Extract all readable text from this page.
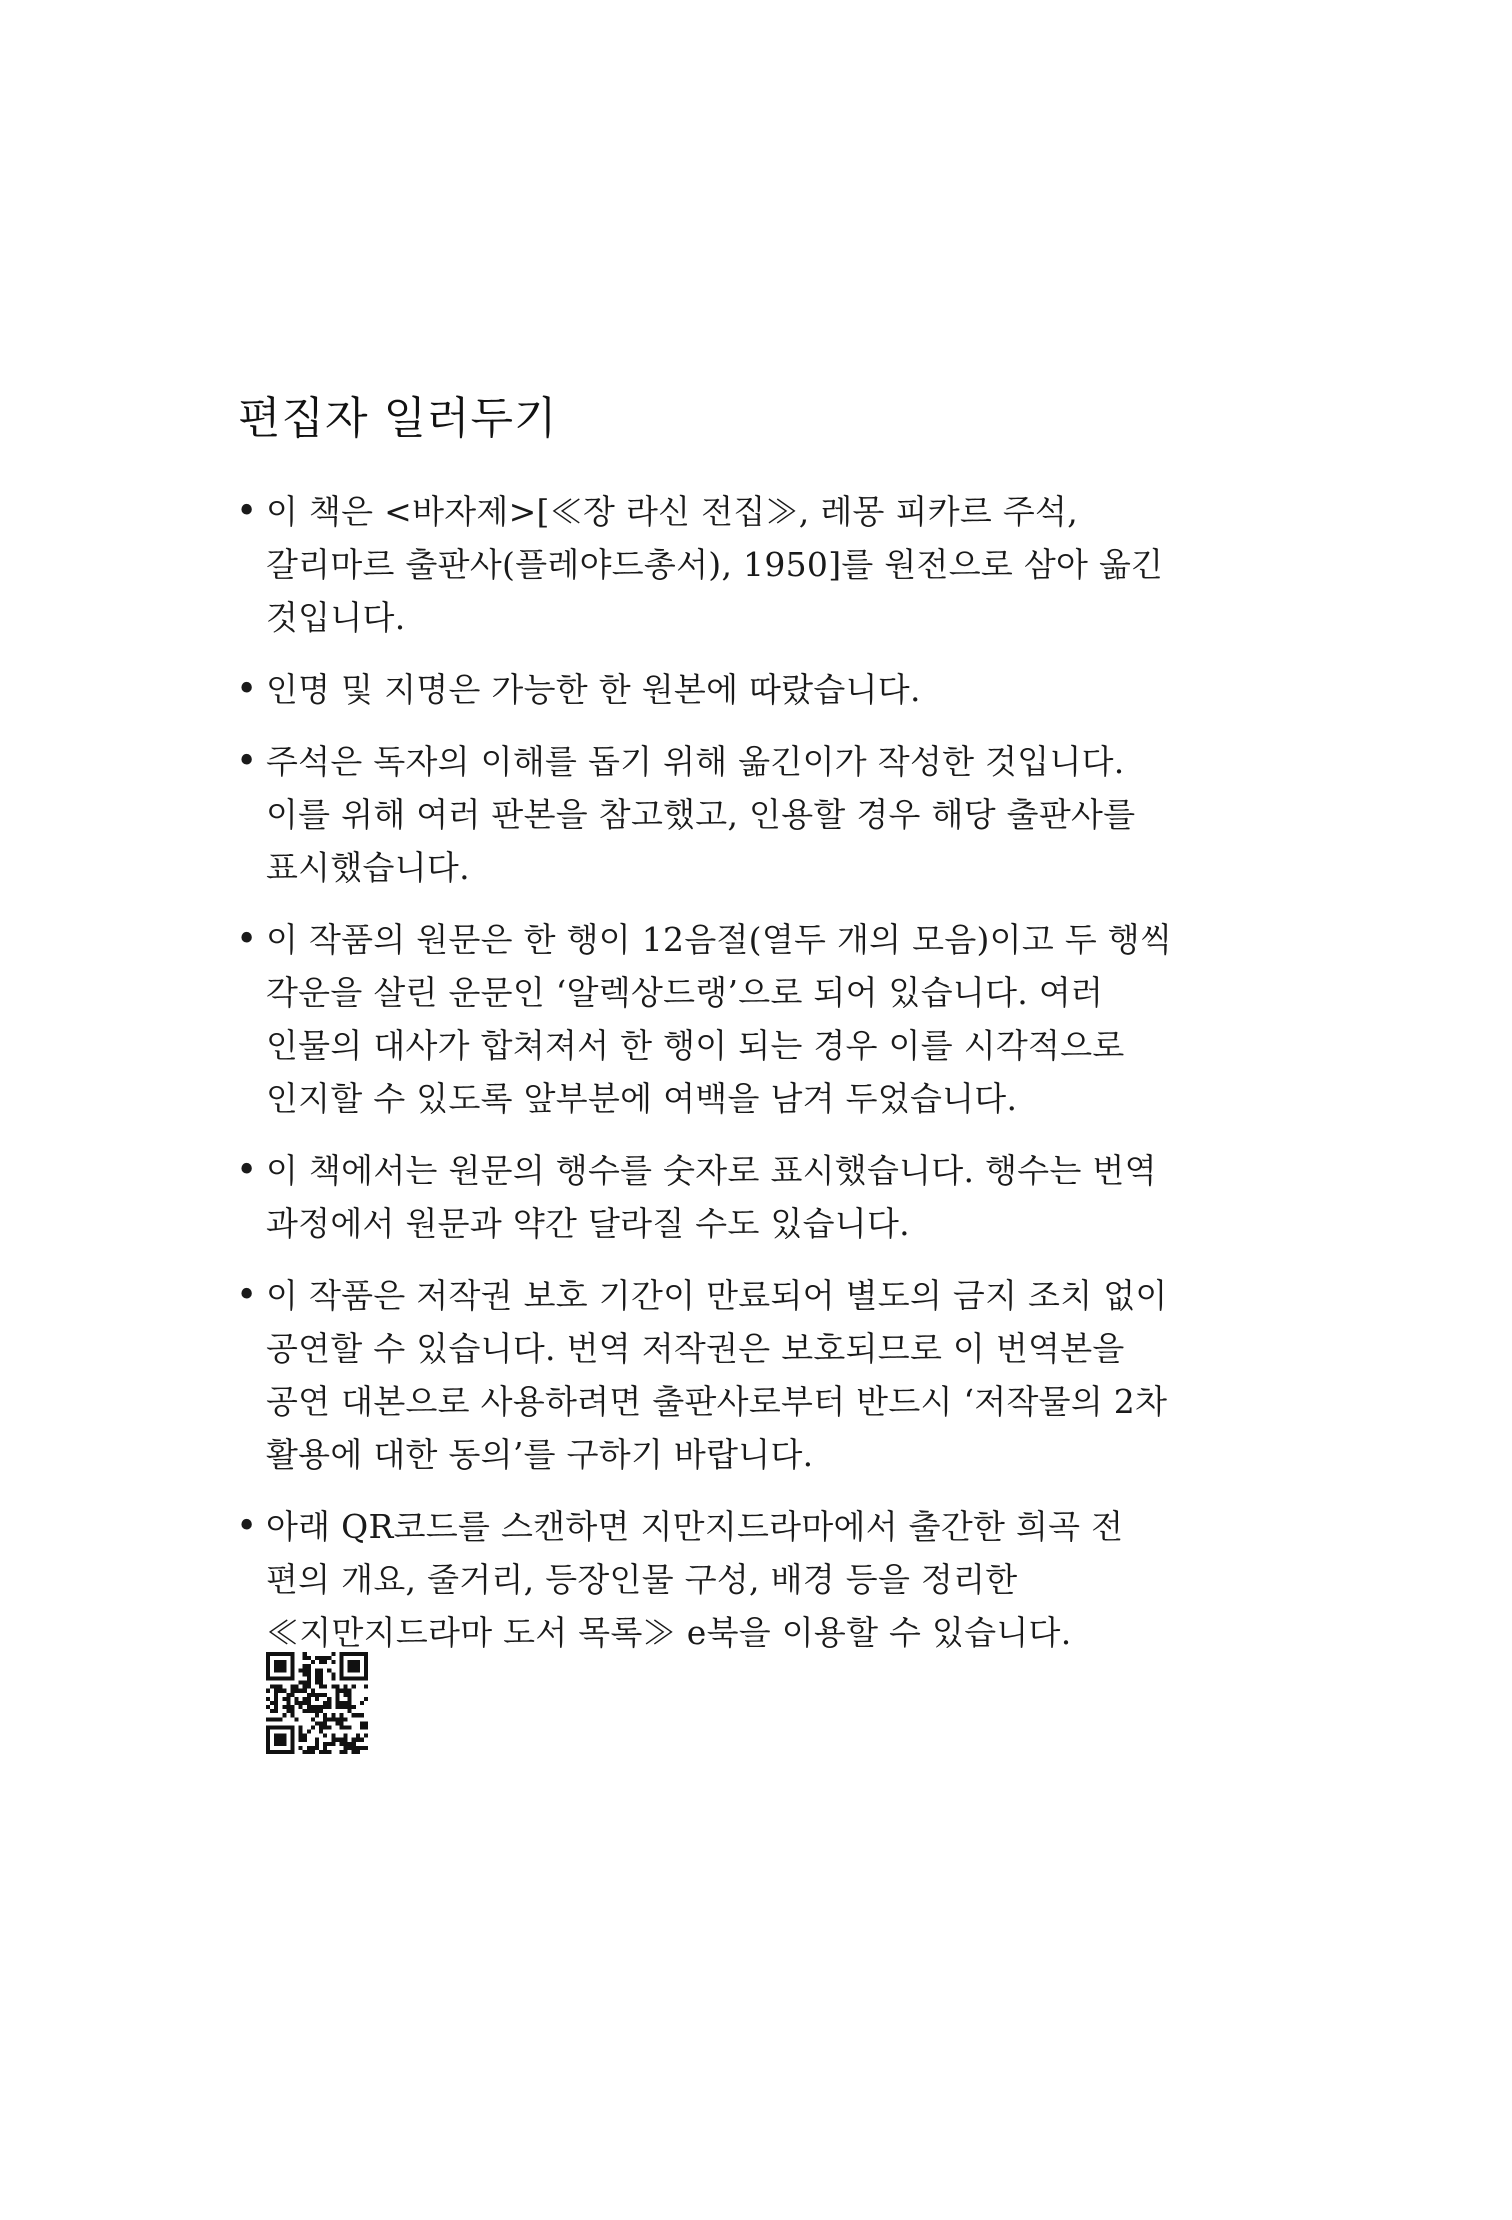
편집자 일러두기
• 이 책은 <바자제>[≪장 라신 전집≫, 레몽 피카르 주석,
갈리마르 출판사(플레야드총서), 1950]를 원전으로 삼아 옮긴
것입니다.
• 인명 및 지명은 가능한 한 원본에 따랐습니다.
• 주석은 독자의 이해를 돕기 위해 옮긴이가 작성한 것입니다.
이를 위해 여러 판본을 참고했고, 인용할 경우 해당 출판사를
표시했습니다.
• 이 작품의 원문은 한 행이 12음절(열두 개의 모음)이고 두 행씩
각운을 살린 운문인 ‘알렉상드랭’으로 되어 있습니다. 여러
인물의 대사가 합쳐져서 한 행이 되는 경우 이를 시각적으로
인지할 수 있도록 앞부분에 여백을 남겨 두었습니다.
• 이 책에서는 원문의 행수를 숫자로 표시했습니다. 행수는 번역
과정에서 원문과 약간 달라질 수도 있습니다.
• 이 작품은 저작권 보호 기간이 만료되어 별도의 금지 조치 없이
공연할 수 있습니다. 번역 저작권은 보호되므로 이 번역본을
공연 대본으로 사용하려면 출판사로부터 반드시 ‘저작물의 2차
활용에 대한 동의’를 구하기 바랍니다.
• 아래 QR코드를 스캔하면 지만지드라마에서 출간한 희곡 전
편의 개요, 줄거리, 등장인물 구성, 배경 등을 정리한
≪지만지드라마 도서 목록≫ e북을 이용할 수 있습니다.
